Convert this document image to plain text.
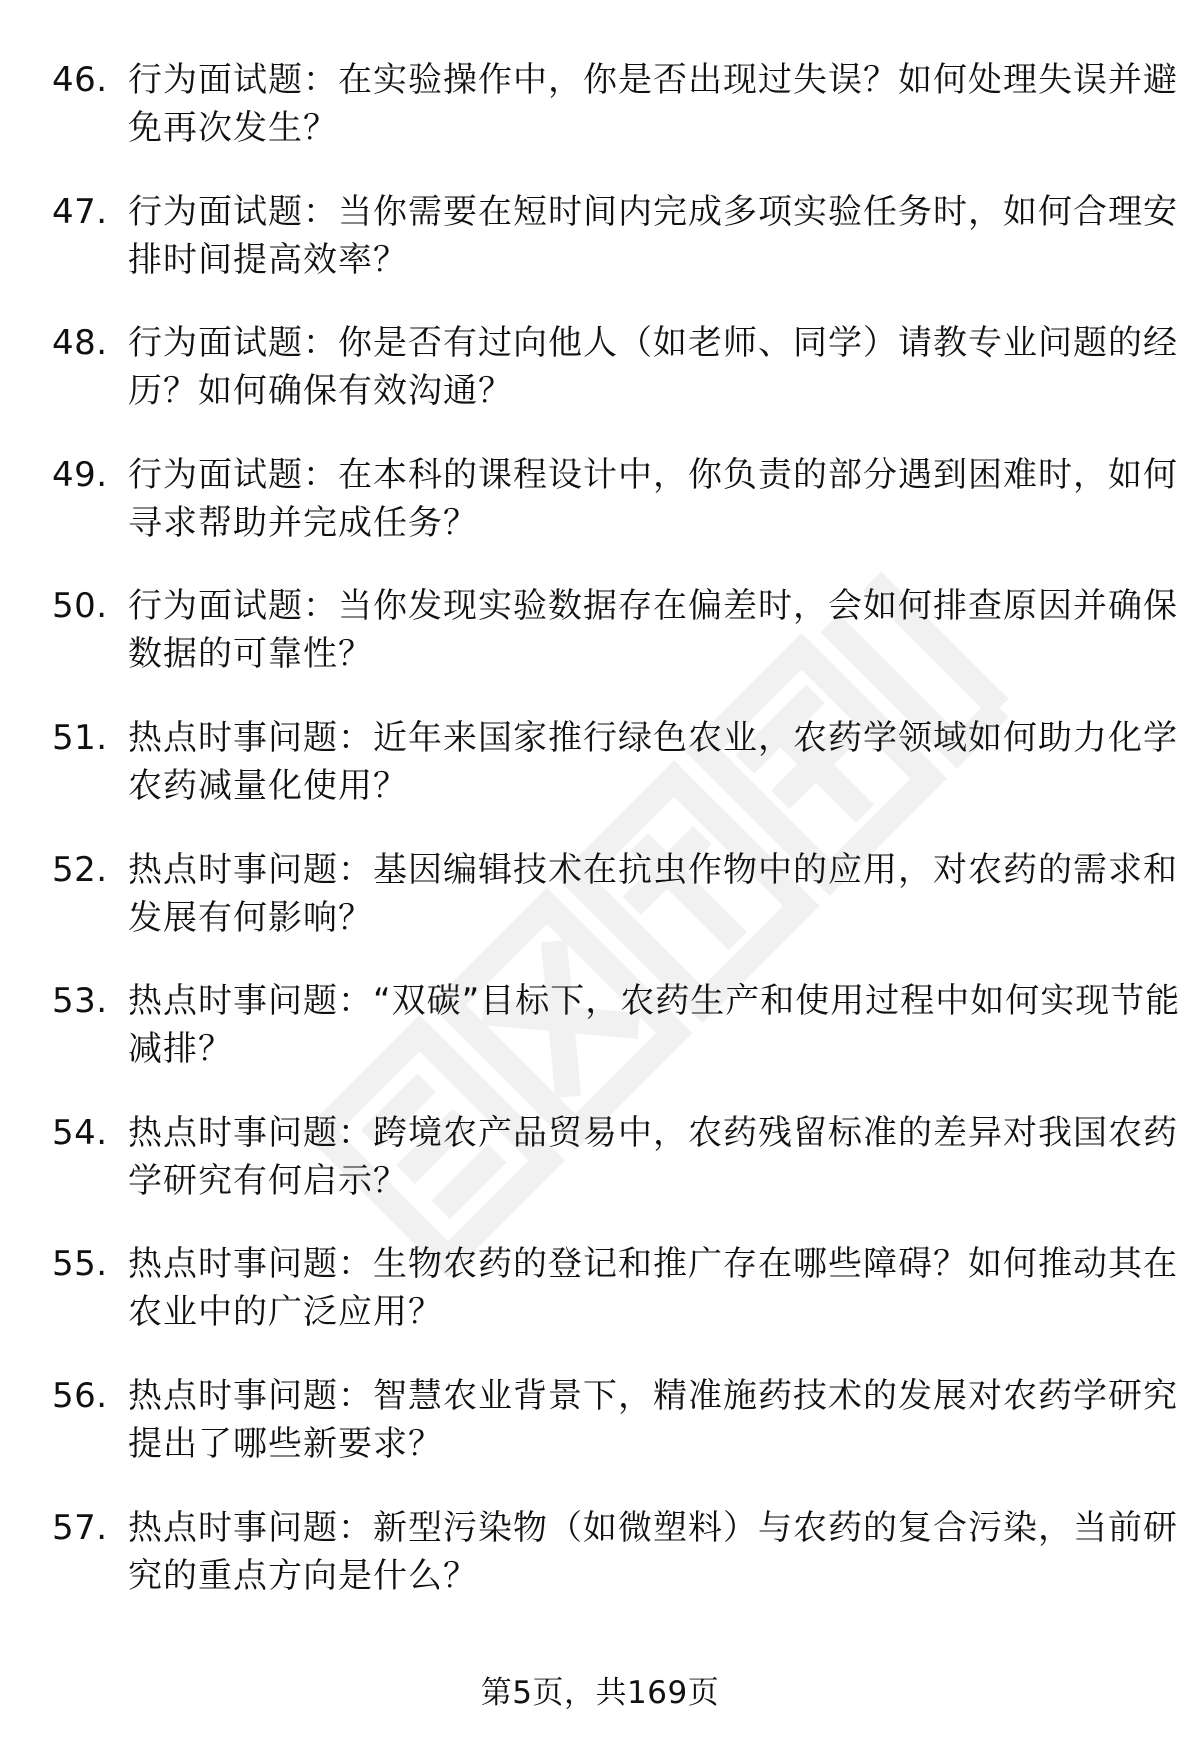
46. 行为面试题：在实验操作中，你是否出现过失误？如何处理失误并避免再次发生？
47. 行为面试题：当你需要在短时间内完成多项实验任务时，如何合理安排时间提高效率？
48. 行为面试题：你是否有过向他人（如老师、同学）请教专业问题的经历？如何确保有效沟通？
49. 行为面试题：在本科的课程设计中，你负责的部分遇到困难时，如何寻求帮助并完成任务？
50. 行为面试题：当你发现实验数据存在偏差时，会如何排查原因并确保数据的可靠性？
51. 热点时事问题：近年来国家推行绿色农业，农药学领域如何助力化学农药减量化使用？
52. 热点时事问题：基因编辑技术在抗虫作物中的应用，对农药的需求和发展有何影响？
53. 热点时事问题：“双碳”目标下，农药生产和使用过程中如何实现节能减排？
54. 热点时事问题：跨境农产品贸易中，农药残留标准的差异对我国农药学研究有何启示？
55. 热点时事问题：生物农药的登记和推广存在哪些障碍？如何推动其在农业中的广泛应用？
56. 热点时事问题：智慧农业背景下，精准施药技术的发展对农药学研究提出了哪些新要求？
57. 热点时事问题：新型污染物（如微塑料）与农药的复合污染，当前研究的重点方向是什么？
第5页，共169页
